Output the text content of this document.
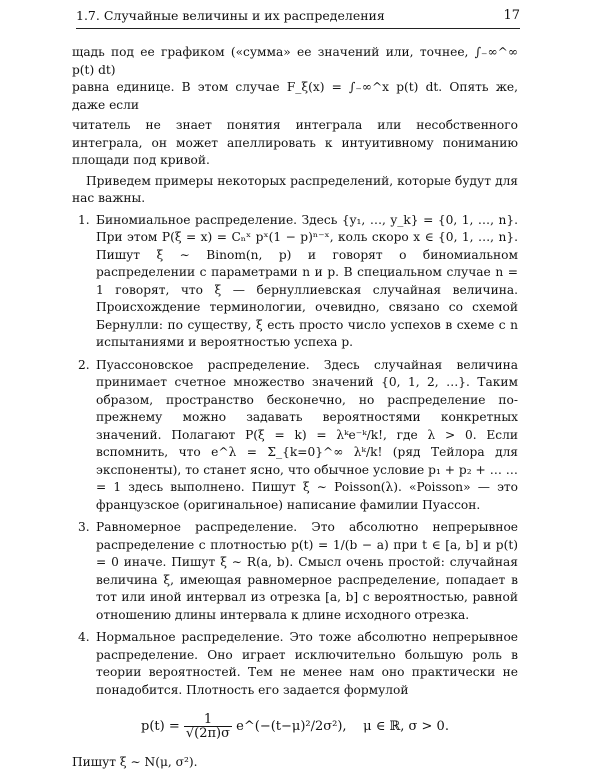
1.7. Случайные величины и их распределения	17

щадь под ее графиком («сумма» ее значений или, точнее, ∫₋∞^∞ p(t) dt)

равна единице. В этом случае F_ξ(x) = ∫₋∞^x p(t) dt. Опять же, даже если

читатель не знает понятия интеграла или несобственного интеграла, он может апеллировать к интуитивному пониманию площади под кривой.

Приведем примеры некоторых распределений, которые будут для нас важны.

1. Биномиальное распределение. Здесь {y₁, …, y_k} = {0, 1, …, n}. При этом P(ξ = x) = Cₙˣ pˣ(1 − p)ⁿ⁻ˣ, коль скоро x ∈ {0, 1, …, n}. Пишут ξ ∼ Binom(n, p) и говорят о биномиальном распределении с параметрами n и p. В специальном случае n = 1 говорят, что ξ — бернуллиевская случайная величина. Происхождение терминологии, очевидно, связано со схемой Бернулли: по существу, ξ есть просто число успехов в схеме с n испытаниями и вероятностью успеха p.
2. Пуассоновское распределение. Здесь случайная величина принимает счетное множество значений {0, 1, 2, …}. Таким образом, пространство бесконечно, но распределение по-прежнему можно задавать вероятностями конкретных значений. Полагают P(ξ = k) = λᵏe⁻ᵏ/k!, где λ > 0. Если вспомнить, что e^λ = Σ_{k=0}^∞ λᵏ/k! (ряд Тейлора для экспоненты), то станет ясно, что обычное условие p₁ + p₂ + … … = 1 здесь выполнено. Пишут ξ ∼ Poisson(λ). «Poisson» — это французское (оригинальное) написание фамилии Пуассон.
3. Равномерное распределение. Это абсолютно непрерывное распределение с плотностью p(t) = 1/(b − a) при t ∈ [a, b] и p(t) = 0 иначе. Пишут ξ ∼ R(a, b). Смысл очень простой: случайная величина ξ, имеющая равномерное распределение, попадает в тот или иной интервал из отрезка [a, b] с вероятностью, равной отношению длины интервала к длине исходного отрезка.
4. Нормальное распределение. Это тоже абсолютно непрерывное распределение. Оно играет исключительно большую роль в теории вероятностей. Тем не менее нам оно практически не понадобится. Плотность его задается формулой
$p(t) = \frac{1}{√(2\pi)\sigma}$ e^(−(t−μ)²/2σ²), μ ∈ ℝ, σ > 0.

Пишут ξ ∼ N(μ, σ²).
